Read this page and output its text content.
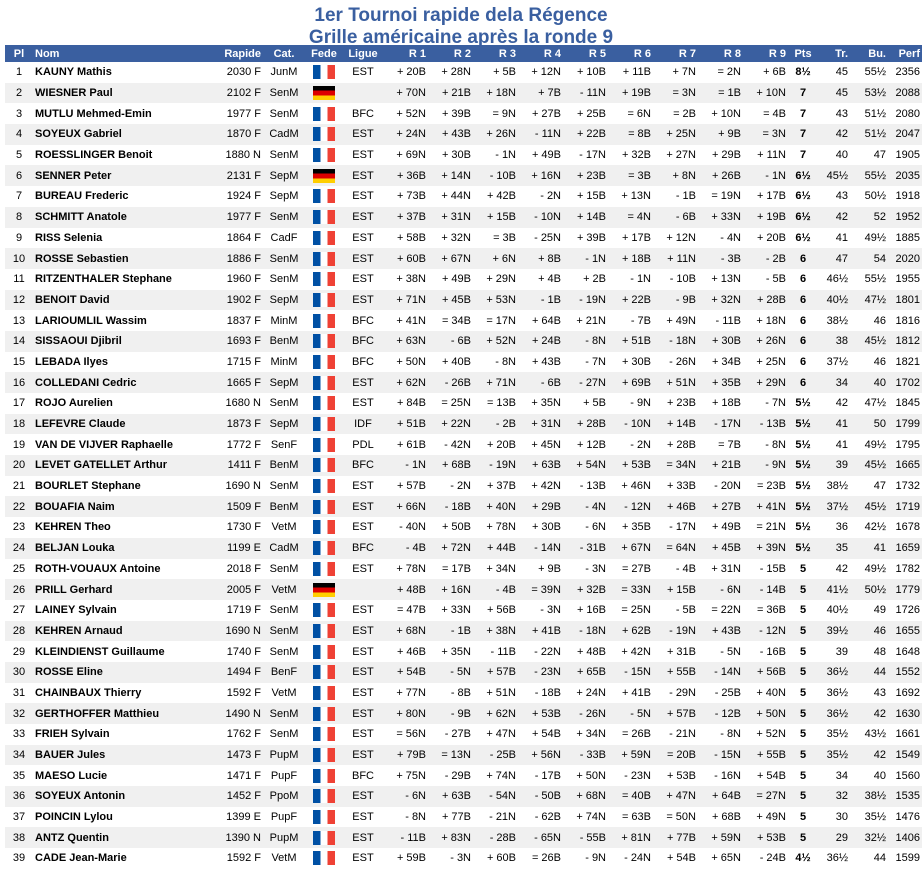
1er Tournoi rapide dela Régence
Grille américaine après la ronde 9
Pl	Nom	Rapide	Cat.	Fede	Ligue	R 1	R 2	R 3	R 4	R 5	R 6	R 7	R 8	R 9	Pts	Tr.	Bu.	Perf
1	KAUNY Mathis	2030 F	JunM		EST	+ 20B	+ 28N	+ 5B	+ 12N	+ 10B	+ 11B	+ 7N	= 2N	+ 6B	8½	45	55½	2356
2	WIESNER Paul	2102 F	SenM			+ 70N	+ 21B	+ 18N	+ 7B	- 11N	+ 19B	= 3N	= 1B	+ 10N	7	45	53½	2088
3	MUTLU Mehmed-Emin	1977 F	SenM		BFC	+ 52N	+ 39B	= 9N	+ 27B	+ 25B	= 6N	= 2B	+ 10N	= 4B	7	43	51½	2080
4	SOYEUX Gabriel	1870 F	CadM		EST	+ 24N	+ 43B	+ 26N	- 11N	+ 22B	= 8B	+ 25N	+ 9B	= 3N	7	42	51½	2047
5	ROESSLINGER Benoit	1880 N	SenM		EST	+ 69N	+ 30B	- 1N	+ 49B	- 17N	+ 32B	+ 27N	+ 29B	+ 11N	7	40	47	1905
6	SENNER Peter	2131 F	SepM		EST	+ 36B	+ 14N	- 10B	+ 16N	+ 23B	= 3B	+ 8N	+ 26B	- 1N	6½	45½	55½	2035
7	BUREAU Frederic	1924 F	SepM		EST	+ 73B	+ 44N	+ 42B	- 2N	+ 15B	+ 13N	- 1B	= 19N	+ 17B	6½	43	50½	1918
8	SCHMITT Anatole	1977 F	SenM		EST	+ 37B	+ 31N	+ 15B	- 10N	+ 14B	= 4N	- 6B	+ 33N	+ 19B	6½	42	52	1952
9	RISS Selenia	1864 F	CadF		EST	+ 58B	+ 32N	= 3B	- 25N	+ 39B	+ 17B	+ 12N	- 4N	+ 20B	6½	41	49½	1885
10	ROSSE Sebastien	1886 F	SenM		EST	+ 60B	+ 67N	+ 6N	+ 8B	- 1N	+ 18B	+ 11N	- 3B	- 2B	6	47	54	2020
11	RITZENTHALER Stephane	1960 F	SenM		EST	+ 38N	+ 49B	+ 29N	+ 4B	+ 2B	- 1N	- 10B	+ 13N	- 5B	6	46½	55½	1955
12	BENOIT David	1902 F	SepM		EST	+ 71N	+ 45B	+ 53N	- 1B	- 19N	+ 22B	- 9B	+ 32N	+ 28B	6	40½	47½	1801
13	LARIOUMLIL Wassim	1837 F	MinM		BFC	+ 41N	= 34B	= 17N	+ 64B	+ 21N	- 7B	+ 49N	- 11B	+ 18N	6	38½	46	1816
14	SISSAOUI Djibril	1693 F	BenM		BFC	+ 63N	- 6B	+ 52N	+ 24B	- 8N	+ 51B	- 18N	+ 30B	+ 26N	6	38	45½	1812
15	LEBADA Ilyes	1715 F	MinM		BFC	+ 50N	+ 40B	- 8N	+ 43B	- 7N	+ 30B	- 26N	+ 34B	+ 25N	6	37½	46	1821
16	COLLEDANI Cedric	1665 F	SepM		EST	+ 62N	- 26B	+ 71N	- 6B	- 27N	+ 69B	+ 51N	+ 35B	+ 29N	6	34	40	1702
17	ROJO Aurelien	1680 N	SenM		EST	+ 84B	= 25N	= 13B	+ 35N	+ 5B	- 9N	+ 23B	+ 18B	- 7N	5½	42	47½	1845
18	LEFEVRE Claude	1873 F	SepM		IDF	+ 51B	+ 22N	- 2B	+ 31N	+ 28B	- 10N	+ 14B	- 17N	- 13B	5½	41	50	1799
19	VAN DE VIJVER Raphaelle	1772 F	SenF		PDL	+ 61B	- 42N	+ 20B	+ 45N	+ 12B	- 2N	+ 28B	= 7B	- 8N	5½	41	49½	1795
20	LEVET GATELLET Arthur	1411 F	BenM		BFC	- 1N	+ 68B	- 19N	+ 63B	+ 54N	+ 53B	= 34N	+ 21B	- 9N	5½	39	45½	1665
21	BOURLET Stephane	1690 N	SenM		EST	+ 57B	- 2N	+ 37B	+ 42N	- 13B	+ 46N	+ 33B	- 20N	= 23B	5½	38½	47	1732
22	BOUAFIA Naim	1509 F	BenM		EST	+ 66N	- 18B	+ 40N	+ 29B	- 4N	- 12N	+ 46B	+ 27B	+ 41N	5½	37½	45½	1719
23	KEHREN Theo	1730 F	VetM		EST	- 40N	+ 50B	+ 78N	+ 30B	- 6N	+ 35B	- 17N	+ 49B	= 21N	5½	36	42½	1678
24	BELJAN Louka	1199 E	CadM		BFC	- 4B	+ 72N	+ 44B	- 14N	- 31B	+ 67N	= 64N	+ 45B	+ 39N	5½	35	41	1659
25	ROTH-VOUAUX Antoine	2018 F	SenM		EST	+ 78N	= 17B	+ 34N	+ 9B	- 3N	= 27B	- 4B	+ 31N	- 15B	5	42	49½	1782
26	PRILL Gerhard	2005 F	VetM			+ 48B	+ 16N	- 4B	= 39N	+ 32B	= 33N	+ 15B	- 6N	- 14B	5	41½	50½	1779
27	LAINEY Sylvain	1719 F	SenM		EST	= 47B	+ 33N	+ 56B	- 3N	+ 16B	= 25N	- 5B	= 22N	= 36B	5	40½	49	1726
28	KEHREN Arnaud	1690 N	SenM		EST	+ 68N	- 1B	+ 38N	+ 41B	- 18N	+ 62B	- 19N	+ 43B	- 12N	5	39½	46	1655
29	KLEINDIENST Guillaume	1740 F	SenM		EST	+ 46B	+ 35N	- 11B	- 22N	+ 48B	+ 42N	+ 31B	- 5N	- 16B	5	39	48	1648
30	ROSSE Eline	1494 F	BenF		EST	+ 54B	- 5N	+ 57B	- 23N	+ 65B	- 15N	+ 55B	- 14N	+ 56B	5	36½	44	1552
31	CHAINBAUX Thierry	1592 F	VetM		EST	+ 77N	- 8B	+ 51N	- 18B	+ 24N	+ 41B	- 29N	- 25B	+ 40N	5	36½	43	1692
32	GERTHOFFER Matthieu	1490 N	SenM		EST	+ 80N	- 9B	+ 62N	+ 53B	- 26N	- 5N	+ 57B	- 12B	+ 50N	5	36½	42	1630
33	FRIEH Sylvain	1762 F	SenM		EST	= 56N	- 27B	+ 47N	+ 54B	+ 34N	= 26B	- 21N	- 8N	+ 52N	5	35½	43½	1661
34	BAUER Jules	1473 F	PupM		EST	+ 79B	= 13N	- 25B	+ 56N	- 33B	+ 59N	= 20B	- 15N	+ 55B	5	35½	42	1549
35	MAESO Lucie	1471 F	PupF		BFC	+ 75N	- 29B	+ 74N	- 17B	+ 50N	- 23N	+ 53B	- 16N	+ 54B	5	34	40	1560
36	SOYEUX Antonin	1452 F	PpoM		EST	- 6N	+ 63B	- 54N	- 50B	+ 68N	= 40B	+ 47N	+ 64B	= 27N	5	32	38½	1535
37	POINCIN Lylou	1399 E	PupF		EST	- 8N	+ 77B	- 21N	- 62B	+ 74N	= 63B	= 50N	+ 68B	+ 49N	5	30	35½	1476
38	ANTZ Quentin	1390 N	PupM		EST	- 11B	+ 83N	- 28B	- 65N	- 55B	+ 81N	+ 77B	+ 59N	+ 53B	5	29	32½	1406
39	CADE Jean-Marie	1592 F	VetM		EST	+ 59B	- 3N	+ 60B	= 26B	- 9N	- 24N	+ 54B	+ 65N	- 24B	4½	36½	44	1599
